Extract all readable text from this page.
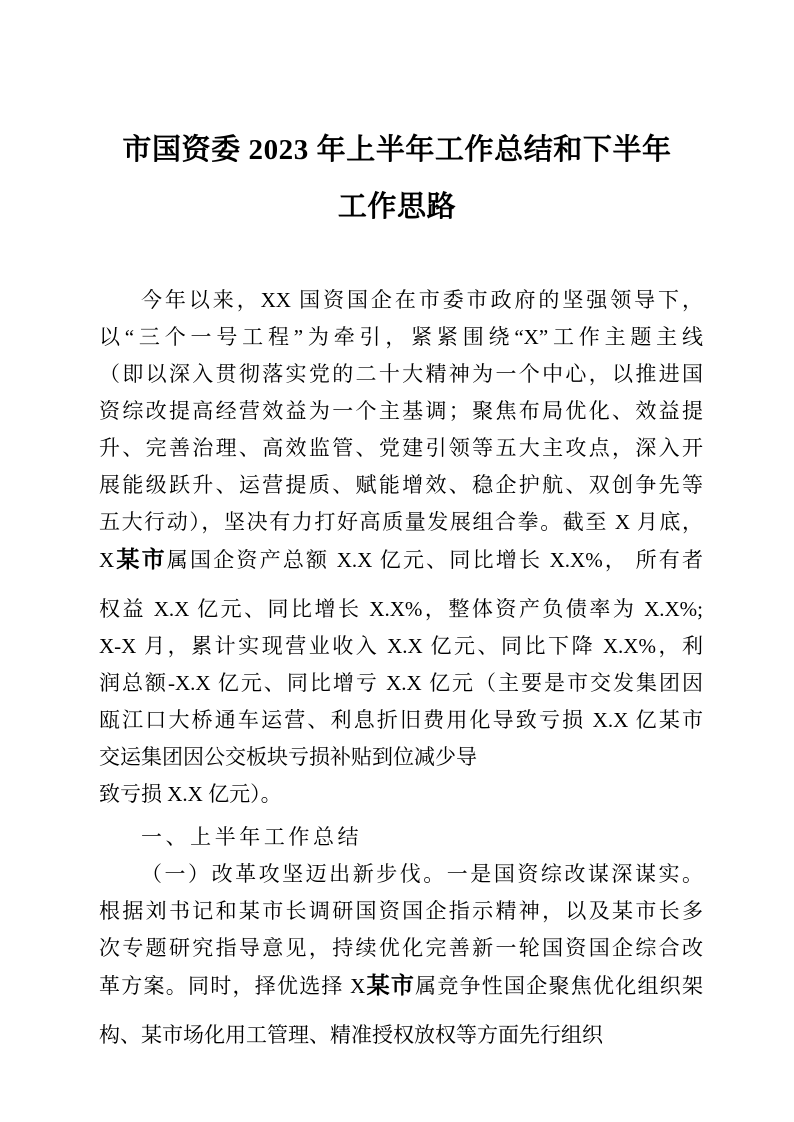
市国资委 2023 年上半年工作总结和下半年
工作思路
今年以来，XX 国资国企在市委市政府的坚强领导下，
以“三个一号工程”为牵引，紧紧围绕“X”工作主题主线
（即以深入贯彻落实党的二十大精神为一个中心，以推进国
资综改提高经营效益为一个主基调；聚焦布局优化、效益提
升、完善治理、高效监管、党建引领等五大主攻点，深入开
展能级跃升、运营提质、赋能增效、稳企护航、双创争先等
五大行动），坚决有力打好高质量发展组合拳。截至 X 月底，
X某市属国企资产总额 X.X 亿元、同比增长 X.X%， 所有者
权益 X.X 亿元、同比增长 X.X%，整体资产负债率为 X.X%;
X-X 月，累计实现营业收入 X.X 亿元、同比下降 X.X%，利
润总额-X.X 亿元、同比增亏 X.X 亿元（主要是市交发集团因
瓯江口大桥通车运营、利息折旧费用化导致亏损 X.X 亿某市
交运集团因公交板块亏损补贴到位减少导
致亏损 X.X 亿元）。
一、上半年工作总结
（一）改革攻坚迈出新步伐。一是国资综改谋深谋实。
根据刘书记和某市长调研国资国企指示精神，以及某市长多
次专题研究指导意见，持续优化完善新一轮国资国企综合改
革方案。同时，择优选择 X某市属竞争性国企聚焦优化组织架
构、某市场化用工管理、精准授权放权等方面先行组织
